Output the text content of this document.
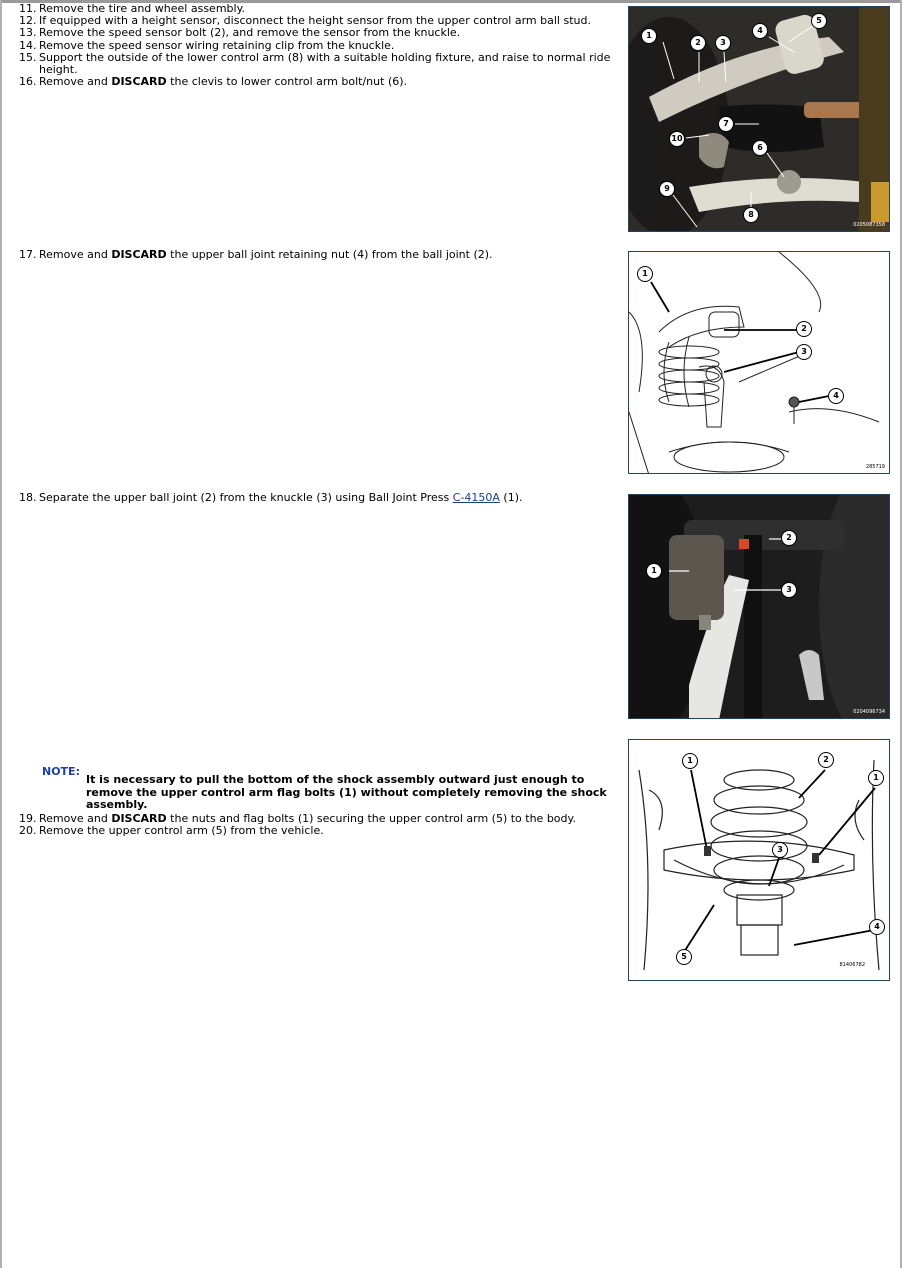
11. Remove the tire and wheel assembly.
12. If equipped with a height sensor, disconnect the height sensor from the upper control arm ball stud.
13. Remove the speed sensor bolt (2), and remove the sensor from the knuckle.
14. Remove the speed sensor wiring retaining clip from the knuckle.
15. Support the outside of the lower control arm (8) with a suitable holding fixture, and raise to normal ride height.
16. Remove and DISCARD the clevis to lower control arm bolt/nut (6).
1
2	3
4
5
7
10
6
9
8
0205087358
17. Remove and DISCARD the upper ball joint retaining nut (4) from the ball joint (2).
1
2
3
4
285719
18. Separate the upper ball joint (2) from the knuckle (3) using Ball Joint Press C-4150A (1).
2
1
3
0204096734
NOTE:
It is necessary to pull the bottom of the shock assembly outward just enough to remove the upper control arm flag bolts (1) without completely removing the shock assembly.
19. Remove and DISCARD the nuts and flag bolts (1) securing the upper control arm (5) to the body.
20. Remove the upper control arm (5) from the vehicle.
1	2
1
3
4
5
81406782
